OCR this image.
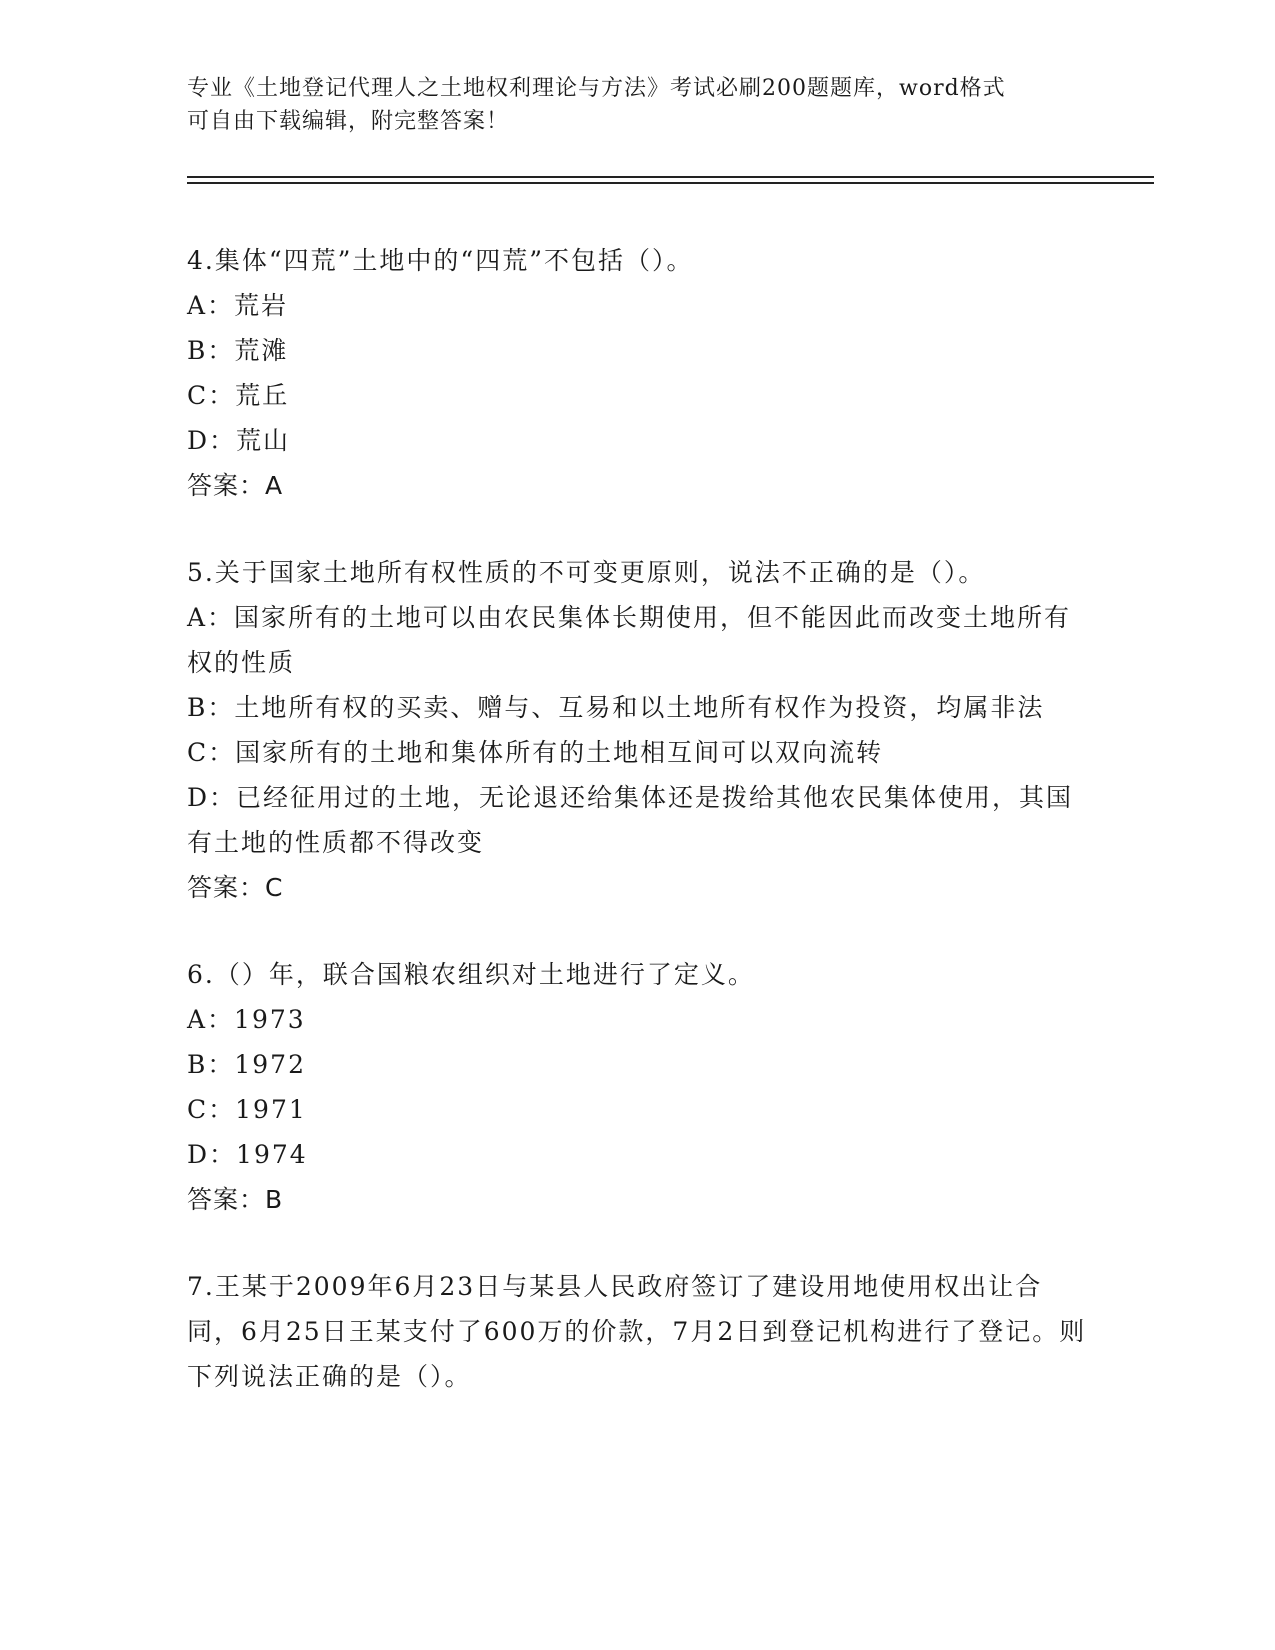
专业《土地登记代理人之土地权利理论与方法》考试必刷200题题库，word格式
可自由下载编辑，附完整答案！
4.集体“四荒”土地中的“四荒”不包括（）。
A：荒岩
B：荒滩
C：荒丘
D：荒山
答案：A
5.关于国家土地所有权性质的不可变更原则，说法不正确的是（）。
A：国家所有的土地可以由农民集体长期使用，但不能因此而改变土地所有权的性质
B：土地所有权的买卖、赠与、互易和以土地所有权作为投资，均属非法
C：国家所有的土地和集体所有的土地相互间可以双向流转
D：已经征用过的土地，无论退还给集体还是拨给其他农民集体使用，其国有土地的性质都不得改变
答案：C
6.（）年，联合国粮农组织对土地进行了定义。
A：1973
B：1972
C：1971
D：1974
答案：B
7.王某于2009年6月23日与某县人民政府签订了建设用地使用权出让合同，6月25日王某支付了600万的价款，7月2日到登记机构进行了登记。则下列说法正确的是（）。
